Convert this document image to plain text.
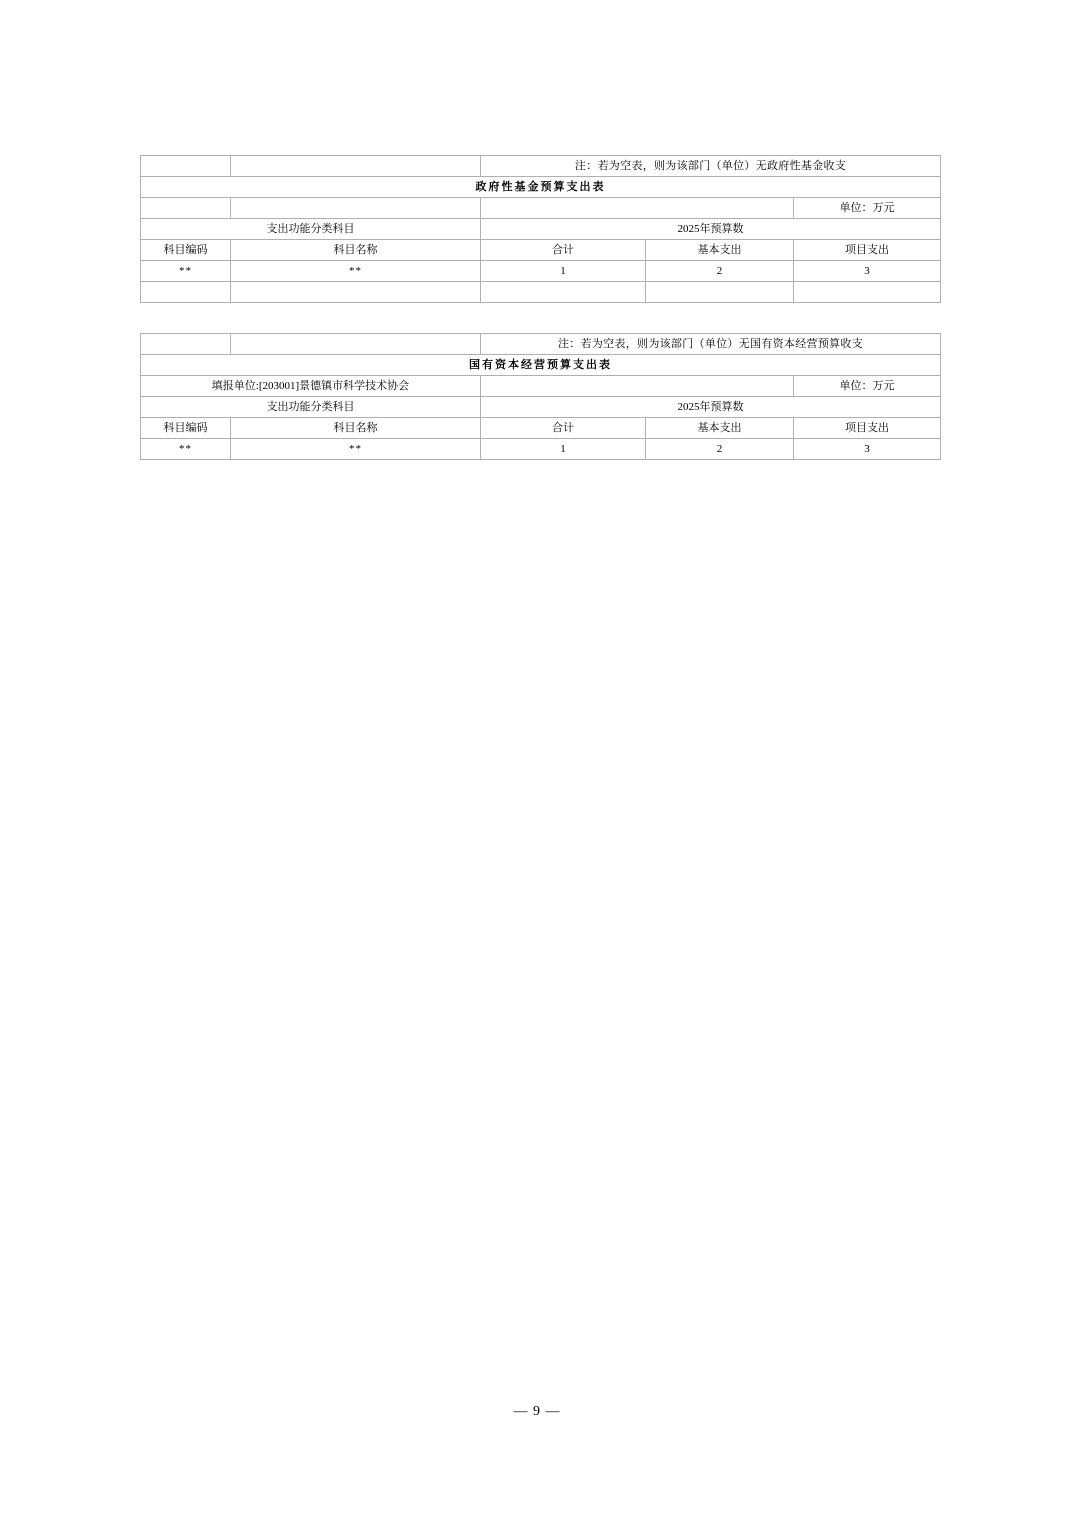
		注：若为空表，则为该部门（单位）无政府性基金收支		
政府性基金预算支出表				
				单位：万元
支出功能分类科目		2025年预算数		
科目编码	科目名称	合计	基本支出	项目支出
**	**	1	2	3

		注：若为空表，则为该部门（单位）无国有资本经营预算收支		
国有资本经营预算支出表				
填报单位:[203001]景德镇市科学技术协会				单位：万元
支出功能分类科目		2025年预算数		
科目编码	科目名称	合计	基本支出	项目支出
**	**	1	2	3
— 9 —
